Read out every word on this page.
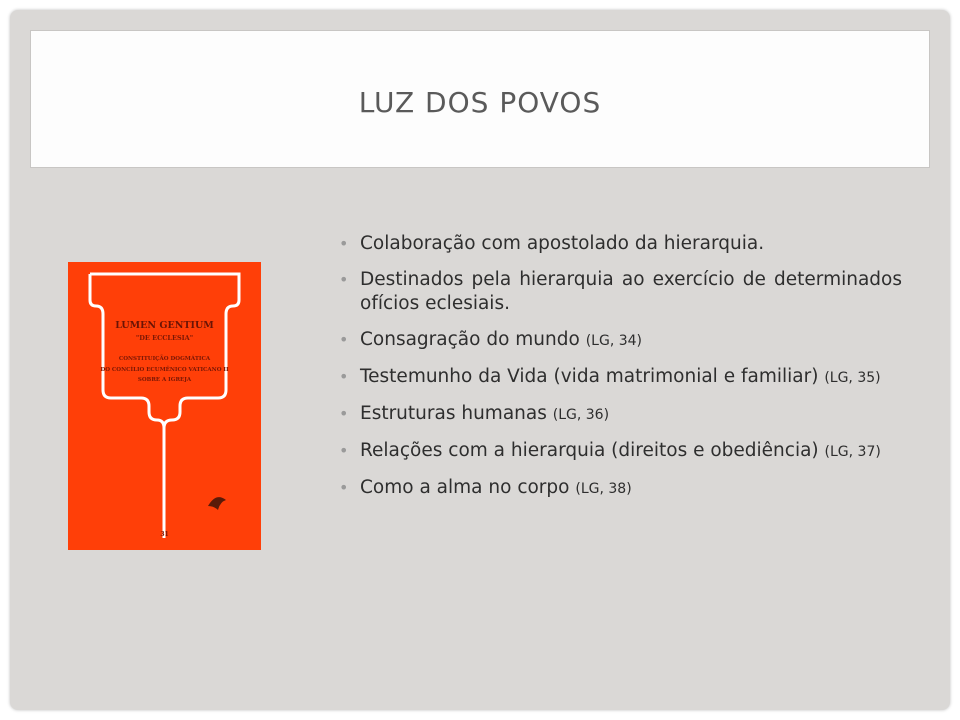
LUZ DOS POVOS
LUMEN GENTIUM
"DE ECCLESIA"
CONSTITUIÇÃO DOGMÁTICA
DO CONCÍLIO ECUMÊNICO VATICANO II
SOBRE A IGREJA
31
• Colaboração com apostolado da hierarquia.
• Destinados pela hierarquia ao exercício de determinados ofícios eclesiais.
• Consagração do mundo (LG, 34)
• Testemunho da Vida (vida matrimonial e familiar) (LG, 35)
• Estruturas humanas (LG, 36)
• Relações com a hierarquia (direitos e obediência) (LG, 37)
• Como a alma no corpo (LG, 38)
